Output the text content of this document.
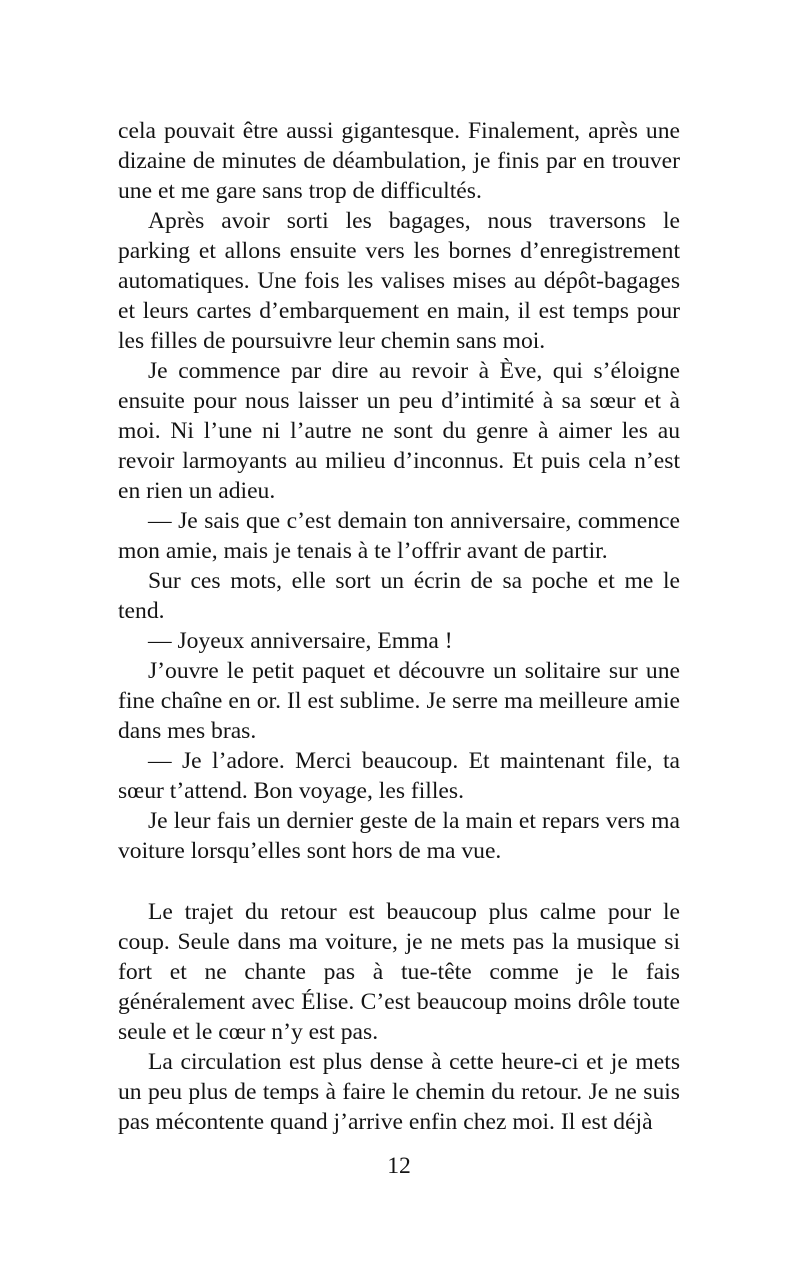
cela pouvait être aussi gigantesque. Finalement, après une dizaine de minutes de déambulation, je finis par en trouver une et me gare sans trop de difficultés.

Après avoir sorti les bagages, nous traversons le parking et allons ensuite vers les bornes d’enregistrement automatiques. Une fois les valises mises au dépôt-bagages et leurs cartes d’embarquement en main, il est temps pour les filles de poursuivre leur chemin sans moi.

Je commence par dire au revoir à Ève, qui s’éloigne ensuite pour nous laisser un peu d’intimité à sa sœur et à moi. Ni l’une ni l’autre ne sont du genre à aimer les au revoir larmoyants au milieu d’inconnus. Et puis cela n’est en rien un adieu.

— Je sais que c’est demain ton anniversaire, commence mon amie, mais je tenais à te l’offrir avant de partir.

Sur ces mots, elle sort un écrin de sa poche et me le tend.

— Joyeux anniversaire, Emma !

J’ouvre le petit paquet et découvre un solitaire sur une fine chaîne en or. Il est sublime. Je serre ma meilleure amie dans mes bras.

— Je l’adore. Merci beaucoup. Et maintenant file, ta sœur t’attend. Bon voyage, les filles.

Je leur fais un dernier geste de la main et repars vers ma voiture lorsqu’elles sont hors de ma vue.

Le trajet du retour est beaucoup plus calme pour le coup. Seule dans ma voiture, je ne mets pas la musique si fort et ne chante pas à tue-tête comme je le fais généralement avec Élise. C’est beaucoup moins drôle toute seule et le cœur n’y est pas.

La circulation est plus dense à cette heure-ci et je mets un peu plus de temps à faire le chemin du retour. Je ne suis pas mécontente quand j’arrive enfin chez moi. Il est déjà

12
